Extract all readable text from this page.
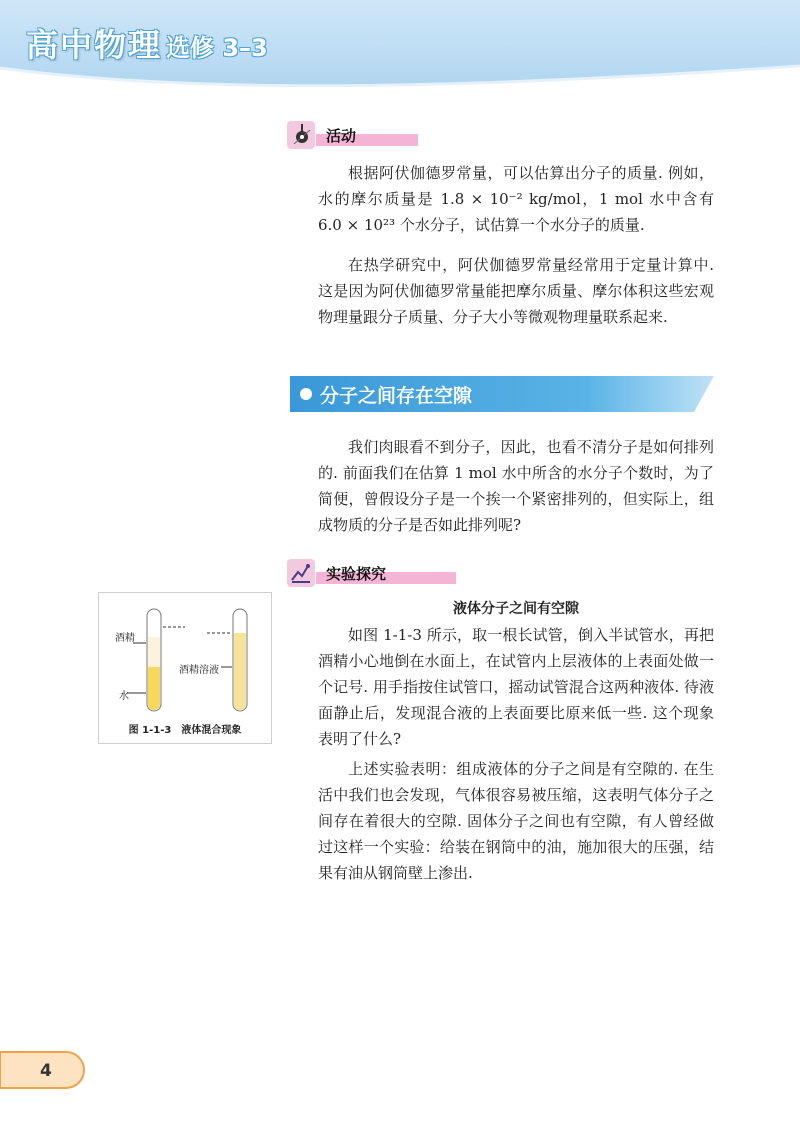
高中物理 选修 3–3
活动

根据阿伏伽德罗常量，可以估算出分子的质量. 例如，水的摩尔质量是 1.8 × 10⁻² kg/mol，1 mol 水中含有 6.0 × 10²³ 个水分子，试估算一个水分子的质量.

在热学研究中，阿伏伽德罗常量经常用于定量计算中. 这是因为阿伏伽德罗常量能把摩尔质量、摩尔体积这些宏观物理量跟分子质量、分子大小等微观物理量联系起来.

分子之间存在空隙

我们肉眼看不到分子，因此，也看不清分子是如何排列的. 前面我们在估算 1 mol 水中所含的水分子个数时，为了简便，曾假设分子是一个挨一个紧密排列的，但实际上，组成物质的分子是否如此排列呢?

实验探究
液体分子之间有空隙

如图 1-1-3 所示，取一根长试管，倒入半试管水，再把酒精小心地倒在水面上，在试管内上层液体的上表面处做一个记号. 用手指按住试管口，摇动试管混合这两种液体. 待液面静止后，发现混合液的上表面要比原来低一些. 这个现象表明了什么?

上述实验表明：组成液体的分子之间是有空隙的. 在生活中我们也会发现，气体很容易被压缩，这表明气体分子之间存在着很大的空隙. 固体分子之间也有空隙，有人曾经做过这样一个实验：给装在钢筒中的油，施加很大的压强，结果有油从钢筒壁上渗出.

酒精
水
酒精溶液
图 1-1-3　液体混合现象
4
